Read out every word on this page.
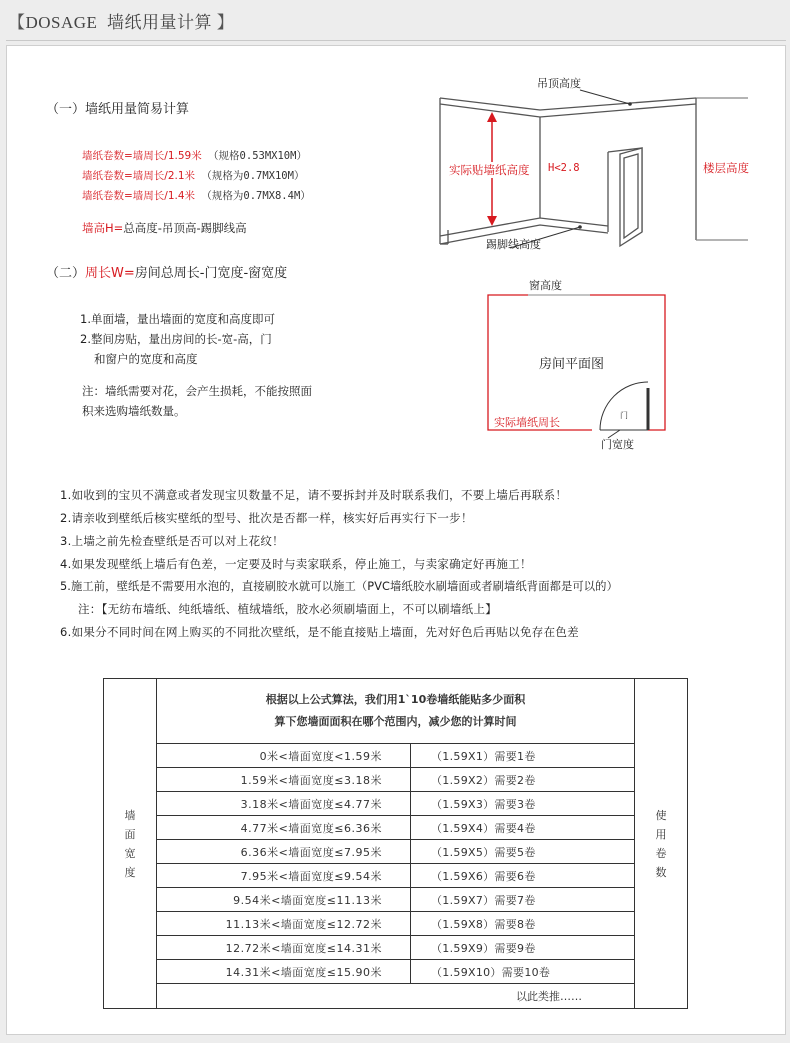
【DOSAGE 墙纸用量计算 】
（一）墙纸用量简易计算
墙纸卷数=墙周长/1.59米 （规格0.53MX10M）
墙纸卷数=墙周长/2.1米 （规格为0.7MX10M）
墙纸卷数=墙周长/1.4米 （规格为0.7MX8.4M）
墙高H=总高度-吊顶高-踢脚线高
（二）周长W=房间总周长-门宽度-窗宽度
1.单面墙，量出墙面的宽度和高度即可
2.整间房贴，量出房间的长-宽-高，门
和窗户的宽度和高度
注：墙纸需要对花，会产生损耗，不能按照面
积来选购墙纸数量。
吊顶高度
实际贴墙纸高度 H<2.8	楼层高度
踢脚线高度
窗高度
房间平面图
实际墙纸周长
门
门宽度
1.如收到的宝贝不满意或者发现宝贝数量不足，请不要拆封并及时联系我们，不要上墙后再联系！
2.请亲收到壁纸后核实壁纸的型号、批次是否都一样，核实好后再实行下一步！
3.上墙之前先检查壁纸是否可以对上花纹！
4.如果发现壁纸上墙后有色差，一定要及时与卖家联系，停止施工，与卖家确定好再施工！
5.施工前，壁纸是不需要用水泡的，直接刷胶水就可以施工（PVC墙纸胶水刷墙面或者刷墙纸背面都是可以的）
注：【无纺布墙纸、纯纸墙纸、植绒墙纸，胶水必须刷墙面上，不可以刷墙纸上】
6.如果分不同时间在网上购买的不同批次壁纸，是不能直接贴上墙面，先对好色后再贴以免存在色差
墙面宽度	根据以上公式算法，我们用1`10卷墙纸能贴多少面积
算下您墙面面积在哪个范围内，减少您的计算时间		使用卷数

	0米<墙面宽度<1.59米	（1.59X1）需要1卷	
	1.59米<墙面宽度≤3.18米	（1.59X2）需要2卷	
	3.18米<墙面宽度≤4.77米	（1.59X3）需要3卷	
	4.77米<墙面宽度≤6.36米	（1.59X4）需要4卷	
	6.36米<墙面宽度≤7.95米	（1.59X5）需要5卷	
	7.95米<墙面宽度≤9.54米	（1.59X6）需要6卷	
	9.54米<墙面宽度≤11.13米	（1.59X7）需要7卷	
	11.13米<墙面宽度≤12.72米	（1.59X8）需要8卷	
	12.72米<墙面宽度≤14.31米	（1.59X9）需要9卷	
	14.31米<墙面宽度≤15.90米	（1.59X10）需要10卷	
	以此类推……		
